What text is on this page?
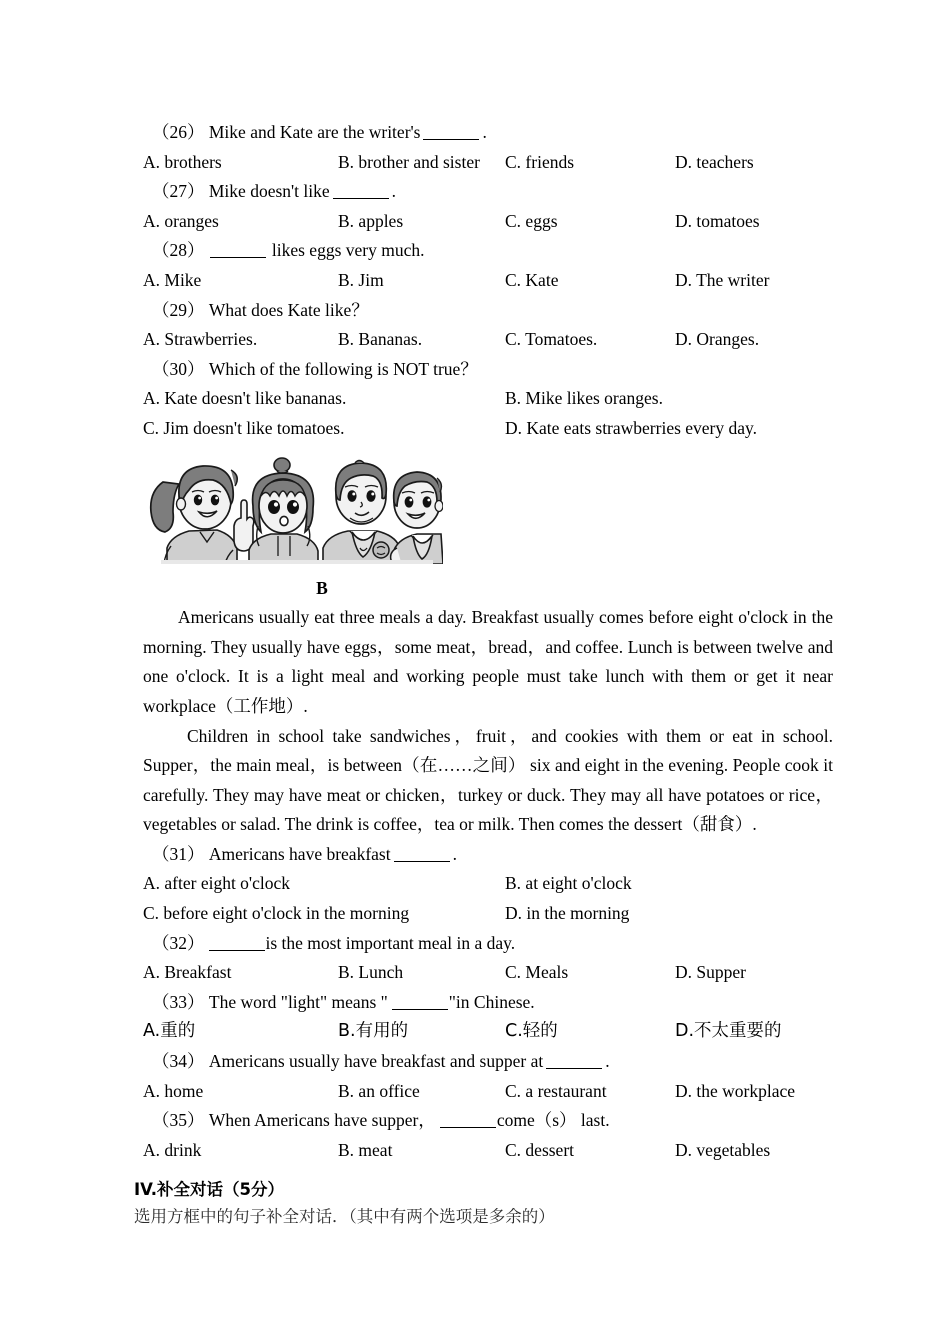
（26） Mike and Kate are the writer's	.
A. brothers	B. brother and sister C. friends	D. teachers
（27） Mike doesn't like	.
A. oranges	B. apples	C. eggs	D. tomatoes
（28）	likes eggs very much.
A. Mike	B. Jim	C. Kate	D. The writer
（29） What does Kate like？
A. Strawberries.	B. Bananas.	C. Tomatoes.	D. Oranges.
（30） Which of the following is NOT true？
A. Kate doesn't like bananas.	B. Mike likes oranges.
C. Jim doesn't like tomatoes.	D. Kate eats strawberries every day.
B

Americans usually eat three meals a day. Breakfast usually comes before eight o'clock in the morning. They usually have eggs，some meat，bread，and coffee. Lunch is between twelve and one o'clock. It is a light meal and working people must take lunch with them or get it near workplace（工作地）.

Children in school take sandwiches，fruit，and cookies with them or eat in school. Supper，the main meal，is between（在……之间） six and eight in the evening. People cook it carefully. They may have meat or chicken，turkey or duck. They may all have potatoes or rice，vegetables or salad. The drink is coffee，tea or milk. Then comes the dessert（甜食）.

（31） Americans have breakfast	.
A. after eight o'clock	B. at eight o'clock
C. before eight o'clock in the morning	D. in the morning
（32）	is the most important meal in a day.
A. Breakfast	B. Lunch	C. Meals	D. Supper
（33） The word "light" means "	"in Chinese.
A.重的	B.有用的	C.轻的	D.不太重要的
（34） Americans usually have breakfast and supper at	.
A. home	B. an office	C. a restaurant	D. the workplace
（35） When Americans have supper，	come（s） last.
A. drink	B. meat	C. dessert	D. vegetables
IV.补全对话（5分）
选用方框中的句子补全对话．（其中有两个选项是多余的）
